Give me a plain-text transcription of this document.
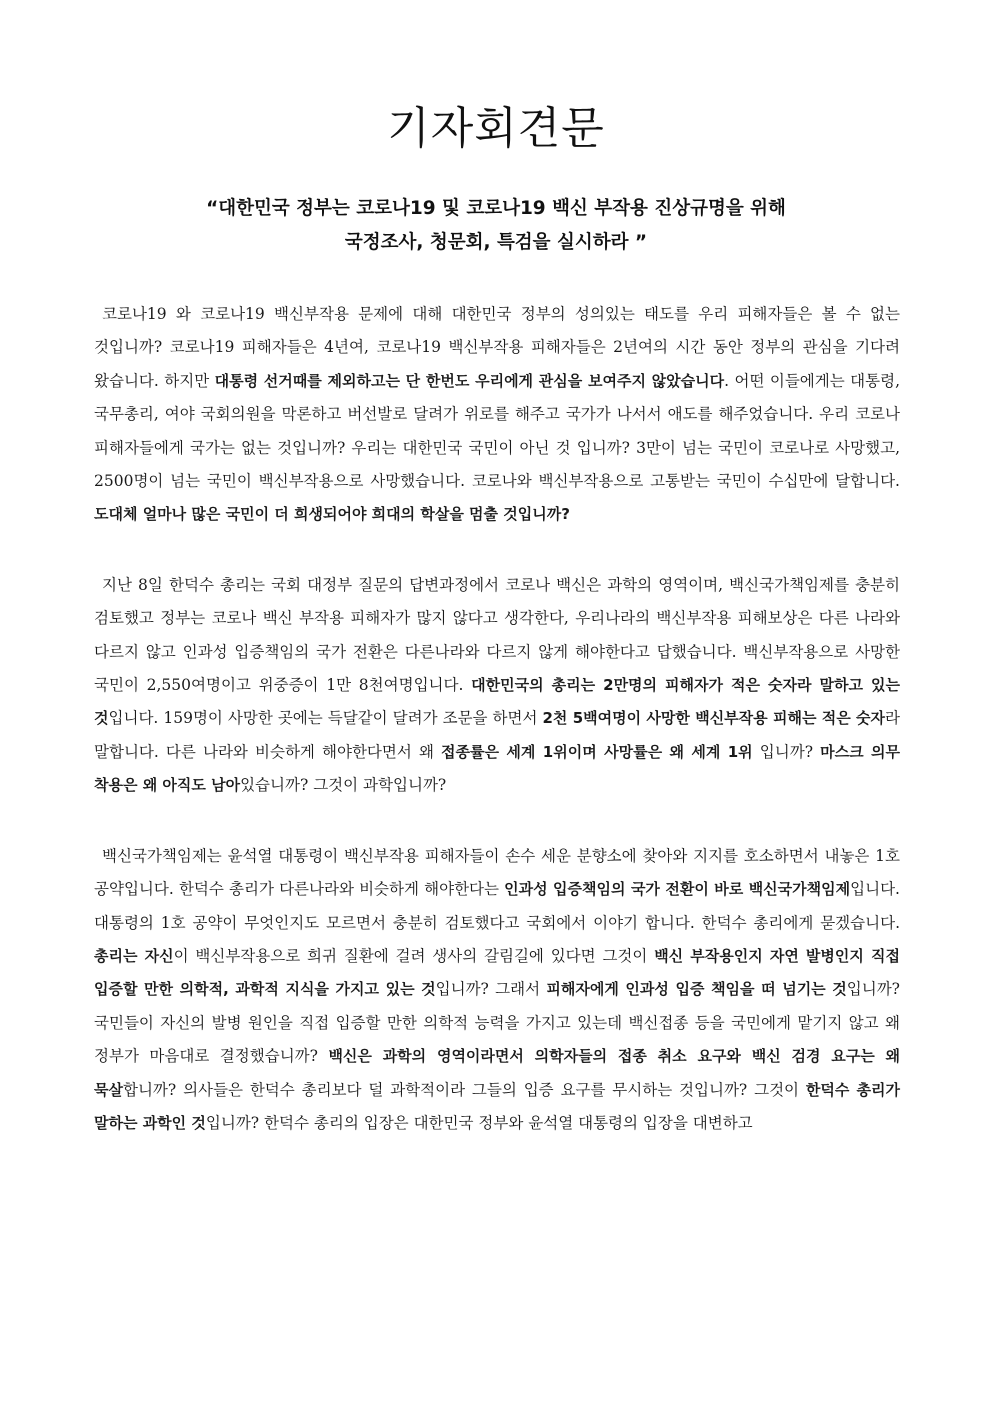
기자회견문
“대한민국 정부는 코로나19 및 코로나19 백신 부작용 진상규명을 위해
국정조사, 청문회, 특검을 실시하라 ”

코로나19 와 코로나19 백신부작용 문제에 대해 대한민국 정부의 성의있는 태도를 우리 피해자들은 볼 수 없는 것입니까? 코로나19 피해자들은 4년여, 코로나19 백신부작용 피해자들은 2년여의 시간 동안 정부의 관심을 기다려 왔습니다. 하지만 대통령 선거때를 제외하고는 단 한번도 우리에게 관심을 보여주지 않았습니다. 어떤 이들에게는 대통령, 국무총리, 여야 국회의원을 막론하고 버선발로 달려가 위로를 해주고 국가가 나서서 애도를 해주었습니다. 우리 코로나 피해자들에게 국가는 없는 것입니까? 우리는 대한민국 국민이 아닌 것 입니까? 3만이 넘는 국민이 코로나로 사망했고, 2500명이 넘는 국민이 백신부작용으로 사망했습니다. 코로나와 백신부작용으로 고통받는 국민이 수십만에 달합니다. 도대체 얼마나 많은 국민이 더 희생되어야 희대의 학살을 멈출 것입니까?

지난 8일 한덕수 총리는 국회 대정부 질문의 답변과정에서 코로나 백신은 과학의 영역이며, 백신국가책임제를 충분히 검토했고 정부는 코로나 백신 부작용 피해자가 많지 않다고 생각한다, 우리나라의 백신부작용 피해보상은 다른 나라와 다르지 않고 인과성 입증책임의 국가 전환은 다른나라와 다르지 않게 해야한다고 답했습니다. 백신부작용으로 사망한 국민이 2,550여명이고 위중증이 1만 8천여명입니다. 대한민국의 총리는 2만명의 피해자가 적은 숫자라 말하고 있는 것입니다. 159명이 사망한 곳에는 득달같이 달려가 조문을 하면서 2천 5백여명이 사망한 백신부작용 피해는 적은 숫자라 말합니다. 다른 나라와 비슷하게 해야한다면서 왜 접종률은 세계 1위이며 사망률은 왜 세계 1위 입니까? 마스크 의무 착용은 왜 아직도 남아있습니까? 그것이 과학입니까?

백신국가책임제는 윤석열 대통령이 백신부작용 피해자들이 손수 세운 분향소에 찾아와 지지를 호소하면서 내놓은 1호 공약입니다. 한덕수 총리가 다른나라와 비슷하게 해야한다는 인과성 입증책임의 국가 전환이 바로 백신국가책임제입니다. 대통령의 1호 공약이 무엇인지도 모르면서 충분히 검토했다고 국회에서 이야기 합니다. 한덕수 총리에게 묻겠습니다. 총리는 자신이 백신부작용으로 희귀 질환에 걸려 생사의 갈림길에 있다면 그것이 백신 부작용인지 자연 발병인지 직접 입증할 만한 의학적, 과학적 지식을 가지고 있는 것입니까? 그래서 피해자에게 인과성 입증 책임을 떠 넘기는 것입니까? 국민들이 자신의 발병 원인을 직접 입증할 만한 의학적 능력을 가지고 있는데 백신접종 등을 국민에게 맡기지 않고 왜 정부가 마음대로 결정했습니까? 백신은 과학의 영역이라면서 의학자들의 접종 취소 요구와 백신 검경 요구는 왜 묵살합니까? 의사들은 한덕수 총리보다 덜 과학적이라 그들의 입증 요구를 무시하는 것입니까? 그것이 한덕수 총리가 말하는 과학인 것입니까? 한덕수 총리의 입장은 대한민국 정부와 윤석열 대통령의 입장을 대변하고
